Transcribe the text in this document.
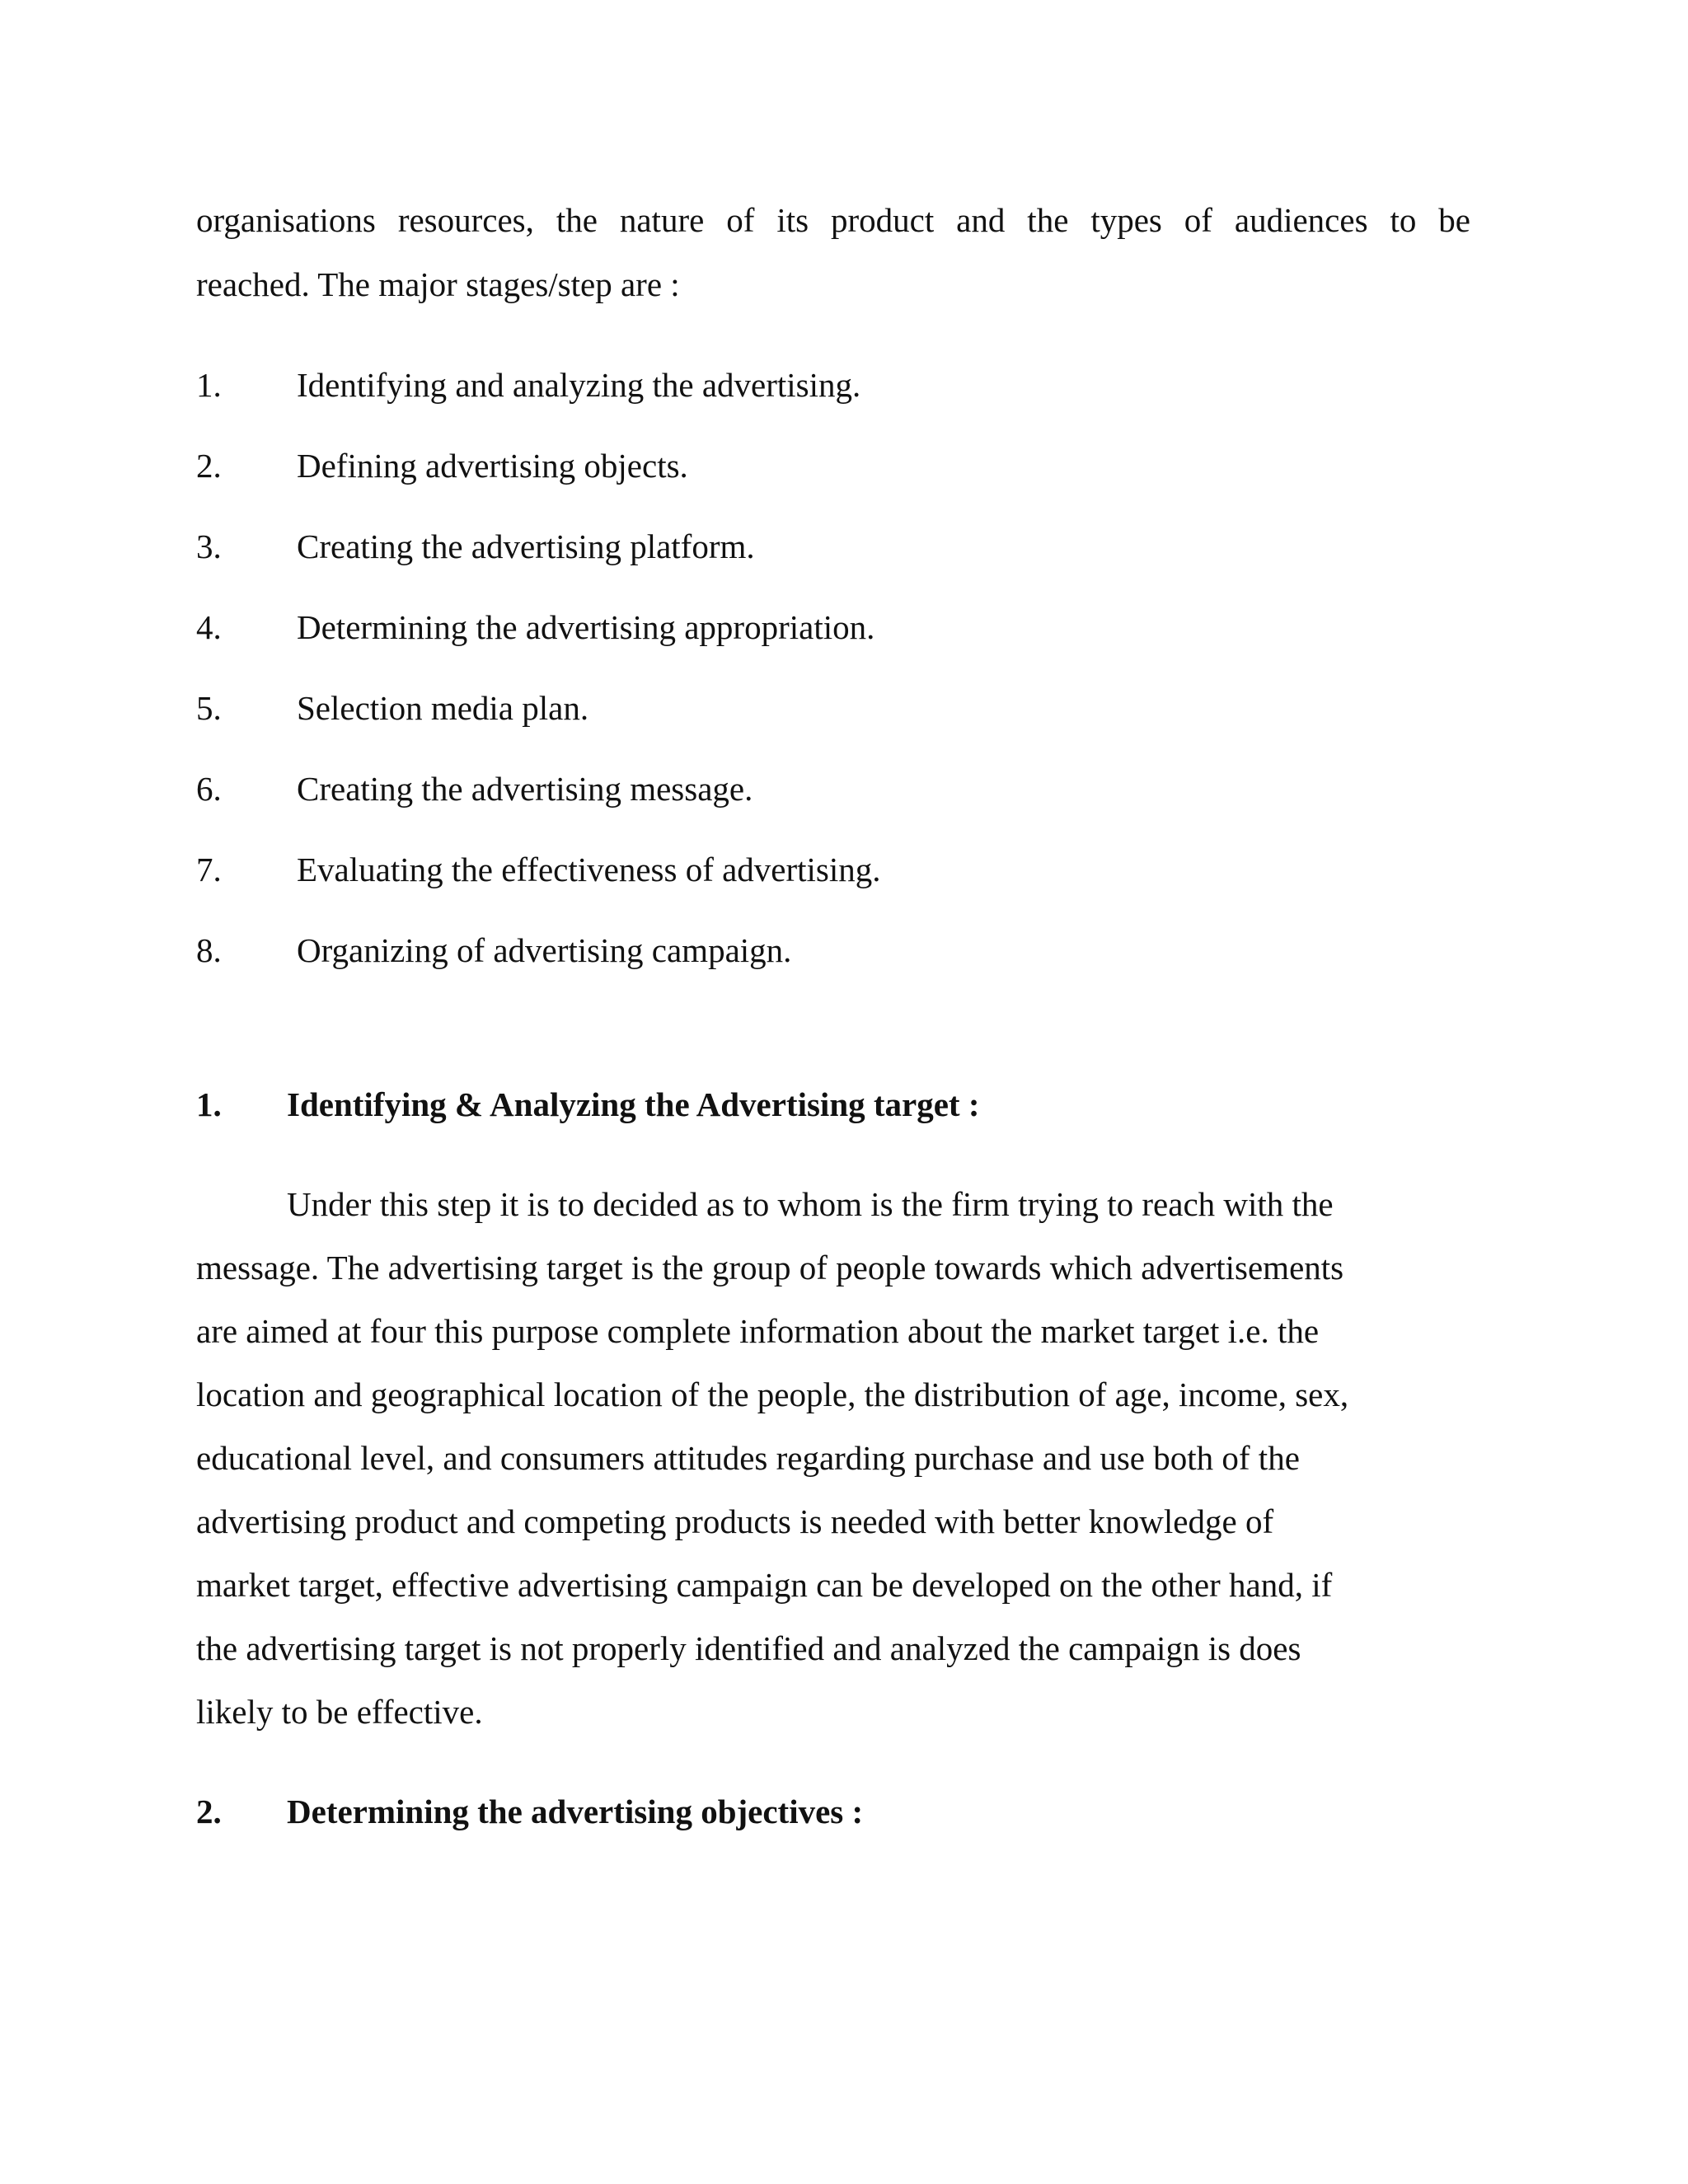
organisations resources, the nature of its product and the types of audiences to be
reached. The major stages/step are :

1. Identifying and analyzing the advertising.
2. Defining advertising objects.
3. Creating the advertising platform.
4. Determining the advertising appropriation.
5. Selection media plan.
6. Creating the advertising message.
7. Evaluating the effectiveness of advertising.
8. Organizing of advertising campaign.
1. Identifying & Analyzing the Advertising target :

Under this step it is to decided as to whom is the firm trying to reach with the
message. The advertising target is the group of people towards which advertisements
are aimed at four this purpose complete information about the market target i.e. the
location and geographical location of the people, the distribution of age, income, sex,
educational level, and consumers attitudes regarding purchase and use both of the
advertising product and competing products is needed with better knowledge of
market target, effective advertising campaign can be developed on the other hand, if
the advertising target is not properly identified and analyzed the campaign is does
likely to be effective.

2. Determining the advertising objectives :
